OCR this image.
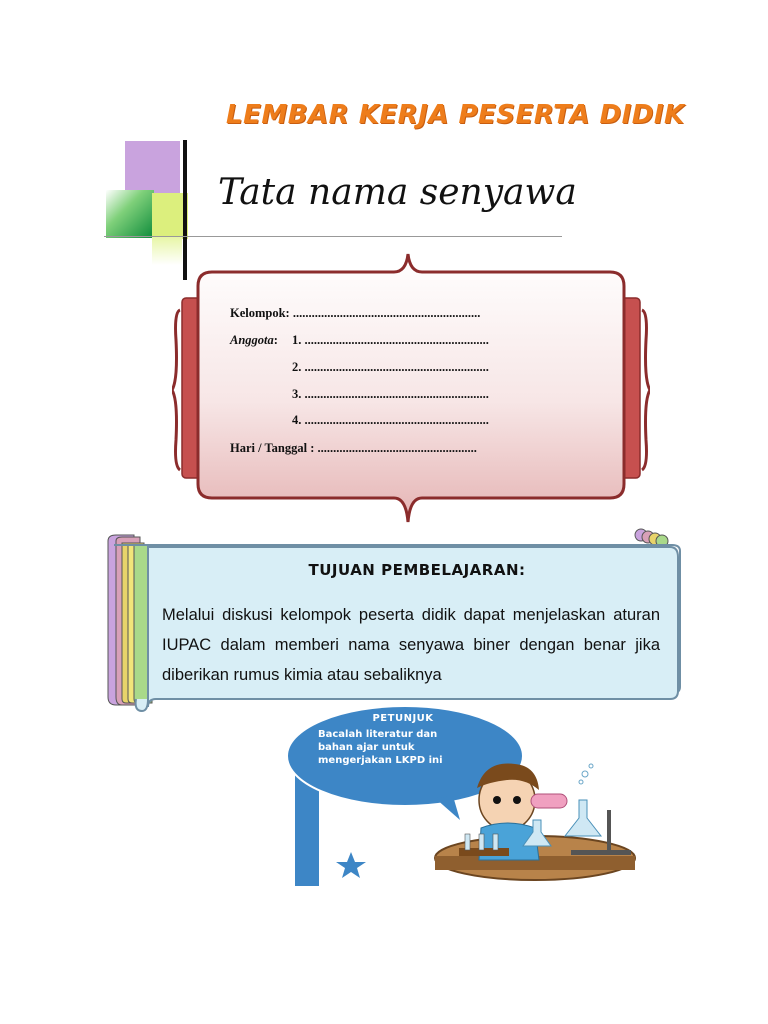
LEMBAR KERJA PESERTA DIDIK
Tata nama senyawa
Kelompok: ............................................................
Anggota: 1. ...........................................................
2. ...........................................................
3. ...........................................................
4. ...........................................................
Hari / Tanggal : ...................................................
TUJUAN PEMBELAJARAN:
Melalui diskusi kelompok peserta didik dapat menjelaskan aturan IUPAC dalam memberi nama senyawa biner dengan benar jika diberikan rumus kimia atau sebaliknya
PETUNJUK
Bacalah literatur dan
bahan ajar untuk
mengerjakan LKPD ini
